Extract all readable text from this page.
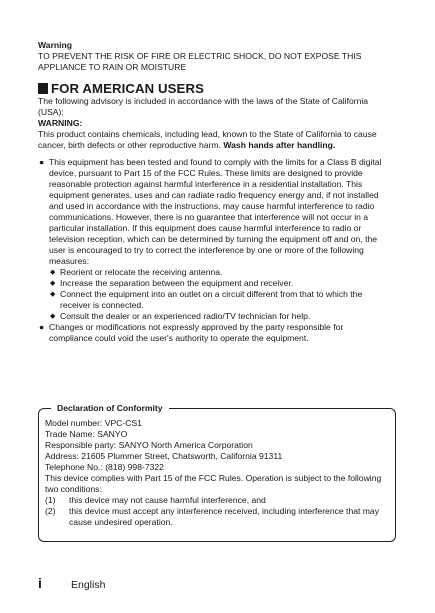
Warning
TO PREVENT THE RISK OF FIRE OR ELECTRIC SHOCK, DO NOT EXPOSE THIS APPLIANCE TO RAIN OR MOISTURE
FOR AMERICAN USERS

The following advisory is included in accordance with the laws of the State of California (USA):

WARNING:

This product contains chemicals, including lead, known to the State of California to cause cancer, birth defects or other reproductive harm. Wash hands after handling.

● This equipment has been tested and found to comply with the limits for a Class B digital device, pursuant to Part 15 of the FCC Rules. These limits are designed to provide reasonable protection against harmful interference in a residential installation. This equipment generates, uses and can radiate radio frequency energy and, if not installed and used in accordance with the instructions, may cause harmful interference to radio communications. However, there is no guarantee that interference will not occur in a particular installation. If this equipment does cause harmful interference to radio or television reception, which can be determined by turning the equipment off and on, the user is encouraged to try to correct the interference by one or more of the following measures:
◆ Reorient or relocate the receiving antenna.
◆ Increase the separation between the equipment and receiver.
◆ Connect the equipment into an outlet on a circuit different from that to which the receiver is connected.
◆ Consult the dealer or an experienced radio/TV technician for help.
● Changes or modifications not expressly approved by the party responsible for compliance could void the user's authority to operate the equipment.
Declaration of Conformity
Model number: VPC-CS1
Trade Name: SANYO
Responsible party: SANYO North America Corporation
Address: 21605 Plummer Street, Chatsworth, California 91311
Telephone No.: (818) 998-7322
This device complies with Part 15 of the FCC Rules. Operation is subject to the following two conditions:
(1) this device may not cause harmful interference, and
(2) this device must accept any interference received, including interference that may cause undesired operation.
i	English
